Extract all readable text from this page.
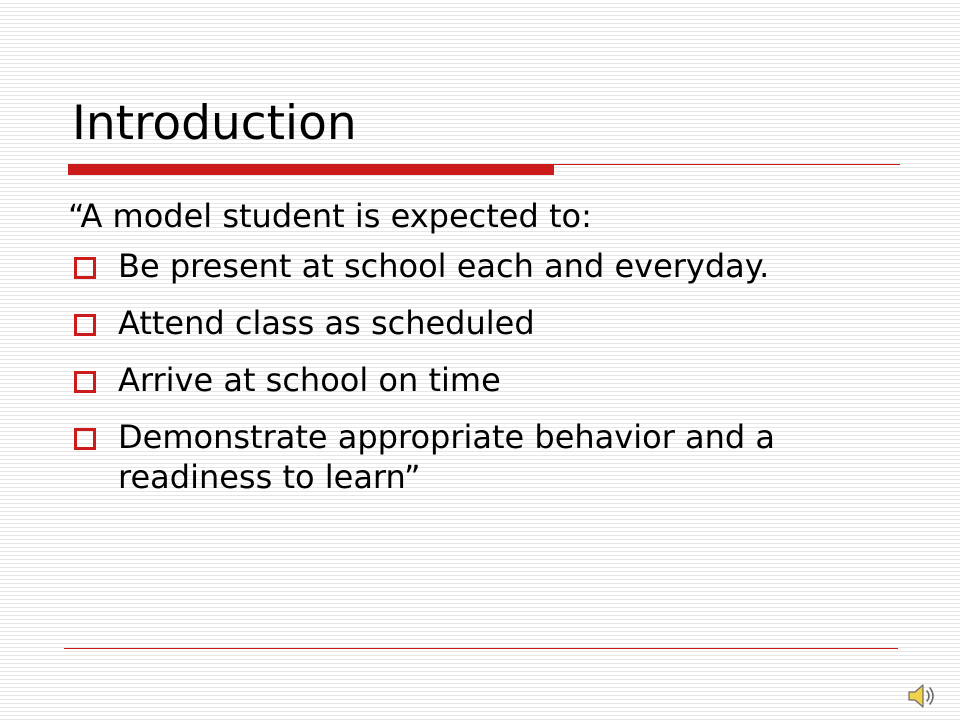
Introduction

“A model student is expected to:

Be present at school each and everyday.
Attend class as scheduled
Arrive at school on time
Demonstrate appropriate behavior and a readiness to learn”
